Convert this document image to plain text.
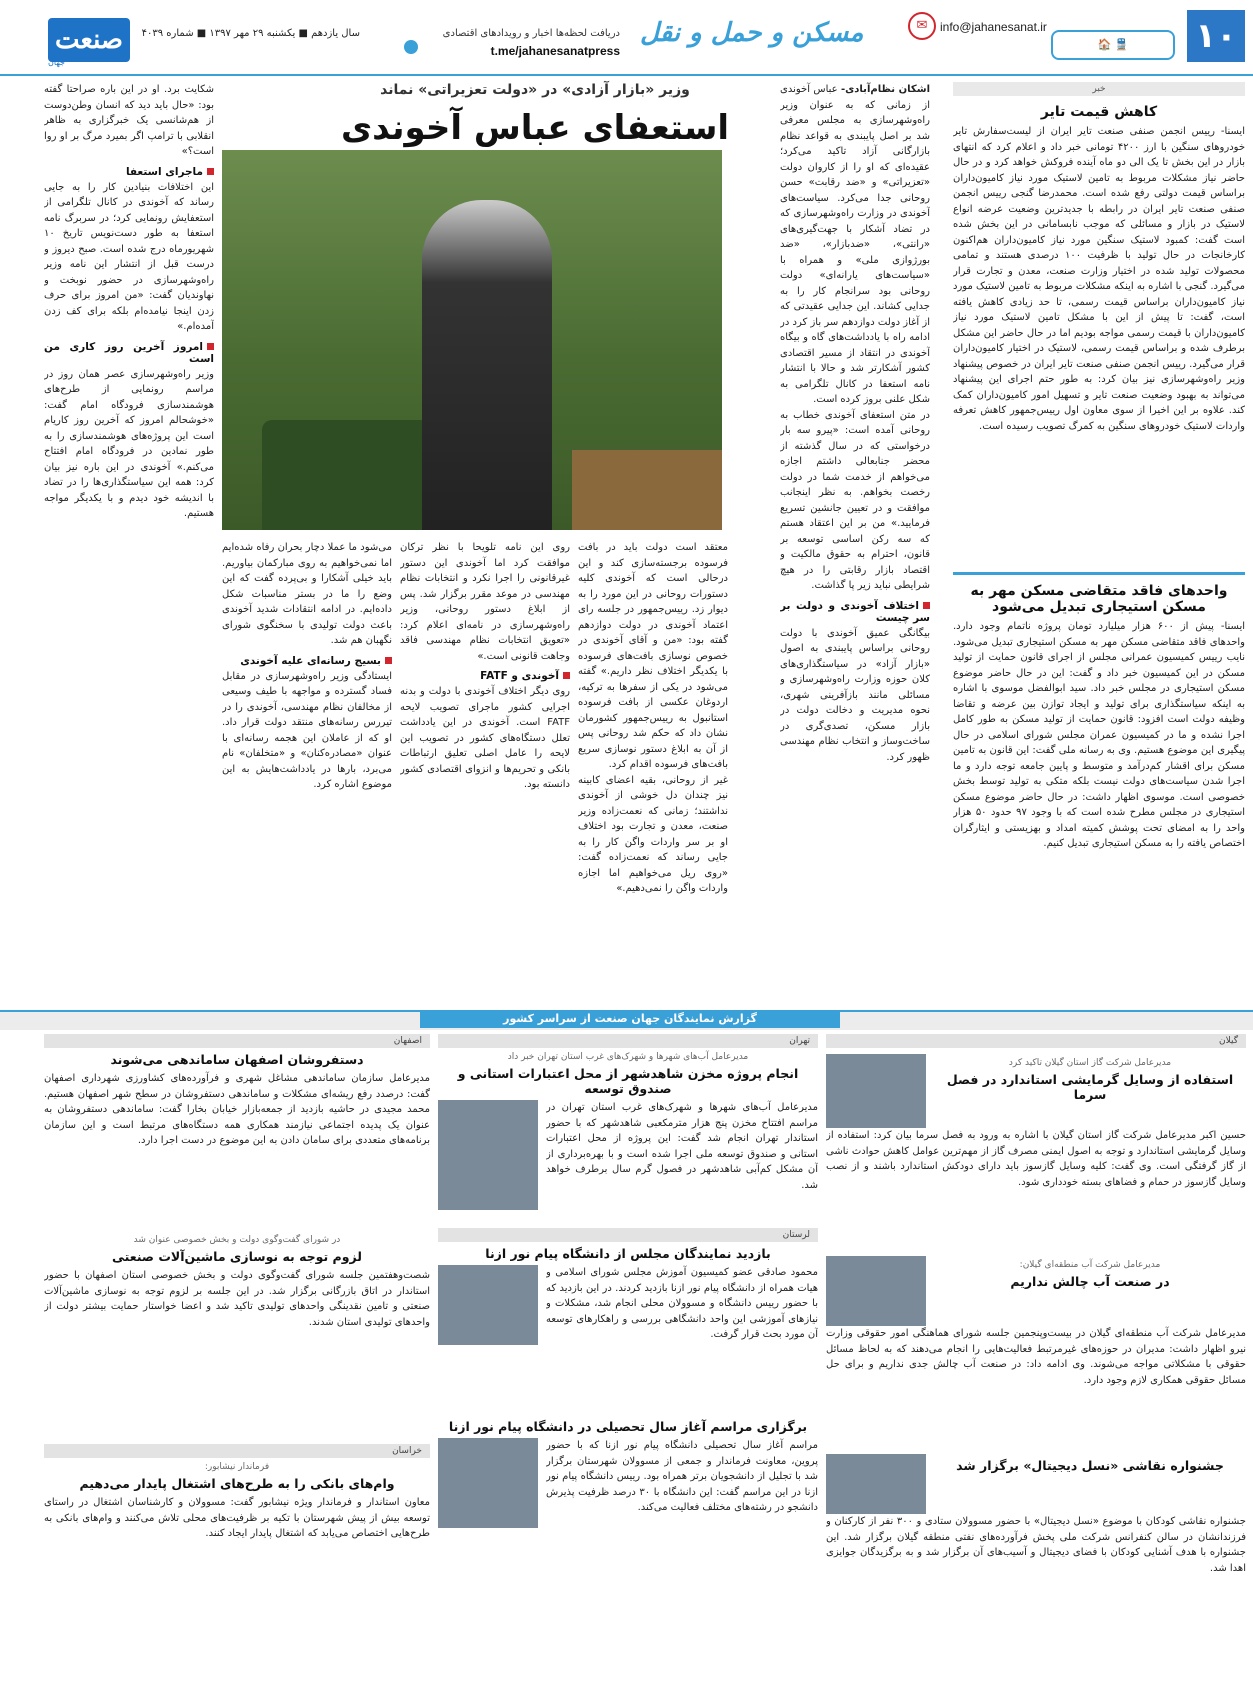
۱۰
🚆 🏠
✉	info@jahanesanat.ir
مسکن و حمل و نقل
دریافت لحظه‌ها اخبار و رویدادهای اقتصادی
t.me/jahanesanatpress
سال یازدهم ■ یکشنبه ۲۹ مهر ۱۳۹۷ ■ شماره ۴۰۳۹
صنعت
جهان
خبر
کاهش قیمت تایر
ایسنا- رییس انجمن صنفی صنعت تایر ایران از لیست‌سفارش تایر خودروهای سنگین با ارز ۴۲۰۰ تومانی خبر داد و اعلام کرد که انتهای بازار در این بخش تا یک الی دو ماه آینده فروکش خواهد کرد و در حال حاضر نیاز مشکلات مربوط به تامین لاستیک مورد نیاز کامیون‌داران براساس قیمت دولتی رفع شده است. محمدرضا گنجی رییس انجمن صنفی صنعت تایر ایران در رابطه با جدیدترین وضعیت عرضه انواع لاستیک در بازار و مسائلی که موجب نابسامانی در این بخش شده است گفت: کمبود لاستیک سنگین مورد نیاز کامیون‌داران هم‌اکنون کارخانجات در حال تولید با ظرفیت ۱۰۰ درصدی هستند و تمامی محصولات تولید شده در اختیار وزارت صنعت، معدن و تجارت قرار می‌گیرد. گنجی با اشاره به اینکه مشکلات مربوط به تامین لاستیک مورد نیاز کامیون‌داران براساس قیمت رسمی، تا حد زیادی کاهش یافته است، گفت: تا پیش از این با مشکل تامین لاستیک مورد نیاز کامیون‌داران با قیمت رسمی مواجه بودیم اما در حال حاضر این مشکل برطرف شده و براساس قیمت رسمی، لاستیک در اختیار کامیون‌داران قرار می‌گیرد. رییس انجمن صنفی صنعت تایر ایران در خصوص پیشنهاد وزیر راه‌وشهرسازی نیز بیان کرد: به طور حتم اجرای این پیشنهاد می‌تواند به بهبود وضعیت صنعت تایر و تسهیل امور کامیون‌داران کمک کند. علاوه بر این اخیرا از سوی معاون اول رییس‌جمهور کاهش تعرفه واردات لاستیک خودروهای سنگین به کمرگ تصویب رسیده است.
واحدهای فاقد متقاضی مسکن مهر به مسکن استیجاری تبدیل می‌شود
ایسنا- پیش از ۶۰۰ هزار میلیارد تومان پروژه ناتمام وجود دارد. واحدهای فاقد متقاضی مسکن مهر به مسکن استیجاری تبدیل می‌شود. نایب رییس کمیسیون عمرانی مجلس از اجرای قانون حمایت از تولید مسکن در این کمیسیون خبر داد و گفت: این در حال حاضر موضوع مسکن استیجاری در مجلس خبر داد. سید ابوالفضل موسوی با اشاره به اینکه سیاستگذاری برای تولید و ایجاد توازن بین عرضه و تقاضا وظیفه دولت است افزود: قانون حمایت از تولید مسکن به طور کامل اجرا نشده و ما در کمیسیون عمران مجلس شورای اسلامی در حال پیگیری این موضوع هستیم. وی به رسانه ملی گفت: این قانون به تامین مسکن برای اقشار کم‌درآمد و متوسط و پایین جامعه توجه دارد و ما اجرا شدن سیاست‌های دولت نیست بلکه متکی به تولید توسط بخش خصوصی است. موسوی اظهار داشت: در حال حاضر موضوع مسکن استیجاری در مجلس مطرح شده است که با وجود ۹۷ حدود ۵۰ هزار واحد را به امضای تحت پوشش کمیته امداد و بهزیستی و ایثارگران اختصاص یافته را به مسکن استیجاری تبدیل کنیم.
وزیر «بازار آزادی» در «دولت تعزیراتی» نماند
استعفای عباس آخوندی
اشکان نظام‌آبادی- عباس آخوندی از زمانی که به عنوان وزیر راه‌وشهرسازی به مجلس معرفی شد بر اصل پایبندی به قواعد نظام بازارگانی آزاد تاکید می‌کرد؛ عقیده‌ای که او را از کاروان دولت «تعزیراتی» و «ضد رقابت» حسن روحانی جدا می‌کرد. سیاست‌های آخوندی در وزارت راه‌وشهرسازی که در تضاد آشکار با جهت‌گیری‌های «رانتی»، «ضدبازار»، «ضد بورژوازی ملی» و همراه با «سیاست‌های یارانه‌ای» دولت روحانی بود سرانجام کار را به جدایی کشاند. این جدایی عقیدتی که از آغاز دولت دوازدهم سر باز کرد در ادامه راه با یادداشت‌های گاه و بیگاه آخوندی در انتقاد از مسیر اقتصادی کشور آشکارتر شد و حالا با انتشار نامه استعفا در کانال تلگرامی به شکل علنی بروز کرده است.
در متن استعفای آخوندی خطاب به روحانی آمده است: «پیرو سه بار درخواستی که در سال گذشته از محضر جنابعالی داشتم اجازه می‌خواهم از خدمت شما در دولت رخصت بخواهم. به نظر اینجانب موافقت و در تعیین جانشین تسریع فرمایید.» من بر این اعتقاد هستم که سه رکن اساسی توسعه بر قانون، احترام به حقوق مالکیت و اقتصاد بازار رقابتی را در هیچ شرایطی نباید زیر پا گذاشت.
اختلاف آخوندی و دولت بر سر چیست
بیگانگی عمیق آخوندی با دولت روحانی براساس پایبندی به اصول «بازار آزاد» در سیاستگذاری‌های کلان حوزه وزارت راه‌وشهرسازی و مسائلی مانند بازآفرینی شهری، نحوه مدیریت و دخالت دولت در بازار مسکن، تصدی‌گری در ساخت‌وساز و انتخاب نظام مهندسی ظهور کرد.
معتقد است دولت باید در بافت فرسوده برجسته‌سازی کند و این درحالی است که آخوندی کلیه دستورات روحانی در این مورد را به دیوار زد. رییس‌جمهور در جلسه رای اعتماد آخوندی در دولت دوازدهم گفته بود: «من و آقای آخوندی در خصوص نوسازی بافت‌های فرسوده با یکدیگر اختلاف نظر داریم.» گفته می‌شود در یکی از سفرها به ترکیه، اردوغان عکسی از بافت فرسوده استانبول به رییس‌جمهور کشورمان نشان داد که حکم شد روحانی پس از آن به ابلاغ دستور نوسازی سریع بافت‌های فرسوده اقدام کرد.
غیر از روحانی، بقیه اعضای کابینه نیز چندان دل خوشی از آخوندی نداشتند؛ زمانی که نعمت‌زاده وزیر صنعت، معدن و تجارت بود اختلاف او بر سر واردات واگن کار را به جایی رساند که نعمت‌زاده گفت: «روی ریل می‌خواهیم اما اجازه واردات واگن را نمی‌دهیم.»
روی این نامه تلویحا با نظر ترکان موافقت کرد اما آخوندی این دستور غیرقانونی را اجرا نکرد و انتخابات نظام مهندسی در موعد مقرر برگزار شد. پس از ابلاغ دستور روحانی، وزیر راه‌وشهرسازی در نامه‌ای اعلام کرد: «تعویق انتخابات نظام مهندسی فاقد وجاهت قانونی است.»
آخوندی و FATF
روی دیگر اختلاف آخوندی با دولت و بدنه اجرایی کشور ماجرای تصویب لایحه FATF است. آخوندی در این یادداشت تعلل دستگاه‌های کشور در تصویب این لایحه را عامل اصلی تعلیق ارتباطات بانکی و تحریم‌ها و انزوای اقتصادی کشور دانسته بود.
می‌شود ما عملا دچار بحران رفاه شده‌ایم اما نمی‌خواهیم به روی مبارکمان بیاوریم. باید خیلی آشکارا و بی‌پرده گفت که این وضع را ما در بستر مناسبات شکل داده‌ایم. در ادامه انتقادات شدید آخوندی باعث دولت تولیدی با سخنگوی شورای نگهبان هم شد.
بسیج رسانه‌ای علیه آخوندی
ایستادگی وزیر راه‌وشهرسازی در مقابل فساد گسترده و مواجهه با طیف وسیعی از مخالفان نظام مهندسی، آخوندی را در تیررس رسانه‌های منتقد دولت قرار داد. او که از عاملان این هجمه رسانه‌ای با عنوان «مصادره‌کنان» و «متخلفان» نام می‌برد، بارها در یادداشت‌هایش به این موضوع اشاره کرد.
شکایت برد. او در این باره صراحتا گفته بود: «حال باید دید که انسان وطن‌دوست از هم‌شانسی یک خبرگزاری به ظاهر انقلابی با ترامپ اگر بمیرد مرگ بر او روا است؟»
ماجرای استعفا
این اختلافات بنیادین کار را به جایی رساند که آخوندی در کانال تلگرامی از استعفایش رونمایی کرد؛ در سربرگ نامه استعفا به طور دست‌نویس تاریخ ۱۰ شهریورماه درج شده است. صبح دیروز و درست قبل از انتشار این نامه وزیر راه‌وشهرسازی در حضور نوبخت و نهاوندیان گفت: «من امروز برای حرف زدن اینجا نیامده‌ام بلکه برای کف زدن آمده‌ام.»
امروز آخرین روز کاری من است
وزیر راه‌وشهرسازی عصر همان روز در مراسم رونمایی از طرح‌های هوشمندسازی فرودگاه امام گفت: «خوشحالم امروز که آخرین روز کاریام است این پروژه‌های هوشمندسازی را به طور نمادین در فرودگاه امام افتتاح می‌کنم.» آخوندی در این باره نیز بیان کرد: همه این سیاستگذاری‌ها را در تضاد با اندیشه خود دیدم و با یکدیگر مواجه هستیم.
گزارش نمایندگان جهان صنعت از سراسر کشور
گیلان
مدیرعامل شرکت گاز استان گیلان تاکید کرد
استفاده از وسایل گرمایشی استاندارد در فصل سرما
حسین اکبر مدیرعامل شرکت گاز استان گیلان با اشاره به ورود به فصل سرما بیان کرد: استفاده از وسایل گرمایشی استاندارد و توجه به اصول ایمنی مصرف گاز از مهم‌ترین عوامل کاهش حوادث ناشی از گاز گرفتگی است. وی گفت: کلیه وسایل گازسوز باید دارای دودکش استاندارد باشند و از نصب وسایل گازسوز در حمام و فضاهای بسته خودداری شود.
مدیرعامل شرکت آب منطقه‌ای گیلان:
در صنعت آب چالش نداریم
مدیرعامل شرکت آب منطقه‌ای گیلان در بیست‌وپنجمین جلسه شورای هماهنگی امور حقوقی وزارت نیرو اظهار داشت: مدیران در حوزه‌های غیرمرتبط فعالیت‌هایی را انجام می‌دهند که به لحاظ مسائل حقوقی با مشکلاتی مواجه می‌شوند. وی ادامه داد: در صنعت آب چالش جدی نداریم و برای حل مسائل حقوقی همکاری لازم وجود دارد.
جشنواره نقاشی «نسل دیجیتال» برگزار شد
جشنواره نقاشی کودکان با موضوع «نسل دیجیتال» با حضور مسوولان ستادی و ۳۰۰ نفر از کارکنان و فرزندانشان در سالن کنفرانس شرکت ملی پخش فرآورده‌های نفتی منطقه گیلان برگزار شد. این جشنواره با هدف آشنایی کودکان با فضای دیجیتال و آسیب‌های آن برگزار شد و به برگزیدگان جوایزی اهدا شد.
تهران
مدیرعامل آب‌های شهرها و شهرک‌های غرب استان تهران خبر داد
انجام پروژه مخزن شاهدشهر از محل اعتبارات استانی و صندوق توسعه
مدیرعامل آب‌های شهرها و شهرک‌های غرب استان تهران در مراسم افتتاح مخزن پنج هزار مترمکعبی شاهدشهر که با حضور استاندار تهران انجام شد گفت: این پروژه از محل اعتبارات استانی و صندوق توسعه ملی اجرا شده است و با بهره‌برداری از آن مشکل کم‌آبی شاهدشهر در فصول گرم سال برطرف خواهد شد.
لرستان
بازدید نمایندگان مجلس از دانشگاه پیام نور ازنا
محمود صادقی عضو کمیسیون آموزش مجلس شورای اسلامی و هیات همراه از دانشگاه پیام نور ازنا بازدید کردند. در این بازدید که با حضور رییس دانشگاه و مسوولان محلی انجام شد، مشکلات و نیازهای آموزشی این واحد دانشگاهی بررسی و راهکارهای توسعه آن مورد بحث قرار گرفت.
برگزاری مراسم آغاز سال تحصیلی در دانشگاه پیام نور ازنا
مراسم آغاز سال تحصیلی دانشگاه پیام نور ازنا که با حضور پروین، معاونت فرماندار و جمعی از مسوولان شهرستان برگزار شد با تجلیل از دانشجویان برتر همراه بود. رییس دانشگاه پیام نور ازنا در این مراسم گفت: این دانشگاه با ۳۰ درصد ظرفیت پذیرش دانشجو در رشته‌های مختلف فعالیت می‌کند.
اصفهان
دستفروشان اصفهان ساماندهی می‌شوند
مدیرعامل سازمان ساماندهی مشاغل شهری و فرآورده‌های کشاورزی شهرداری اصفهان گفت: درصدد رفع ریشه‌ای مشکلات و ساماندهی دستفروشان در سطح شهر اصفهان هستیم. محمد مجیدی در حاشیه بازدید از جمعه‌بازار خیابان بخارا گفت: ساماندهی دستفروشان به عنوان یک پدیده اجتماعی نیازمند همکاری همه دستگاه‌های مرتبط است و این سازمان برنامه‌های متعددی برای سامان دادن به این موضوع در دست اجرا دارد.
در شورای گفت‌وگوی دولت و بخش خصوصی عنوان شد
لزوم توجه به نوسازی ماشین‌آلات صنعتی
شصت‌وهفتمین جلسه شورای گفت‌وگوی دولت و بخش خصوصی استان اصفهان با حضور استاندار در اتاق بازرگانی برگزار شد. در این جلسه بر لزوم توجه به نوسازی ماشین‌آلات صنعتی و تامین نقدینگی واحدهای تولیدی تاکید شد و اعضا خواستار حمایت بیشتر دولت از واحدهای تولیدی استان شدند.
خراسان
فرماندار نیشابور:
وام‌های بانکی را به طرح‌های اشتغال پایدار می‌دهیم
معاون استاندار و فرماندار ویژه نیشابور گفت: مسوولان و کارشناسان اشتغال در راستای توسعه بیش از پیش شهرستان با تکیه بر ظرفیت‌های محلی تلاش می‌کنند و وام‌های بانکی به طرح‌هایی اختصاص می‌یابد که اشتغال پایدار ایجاد کنند.
